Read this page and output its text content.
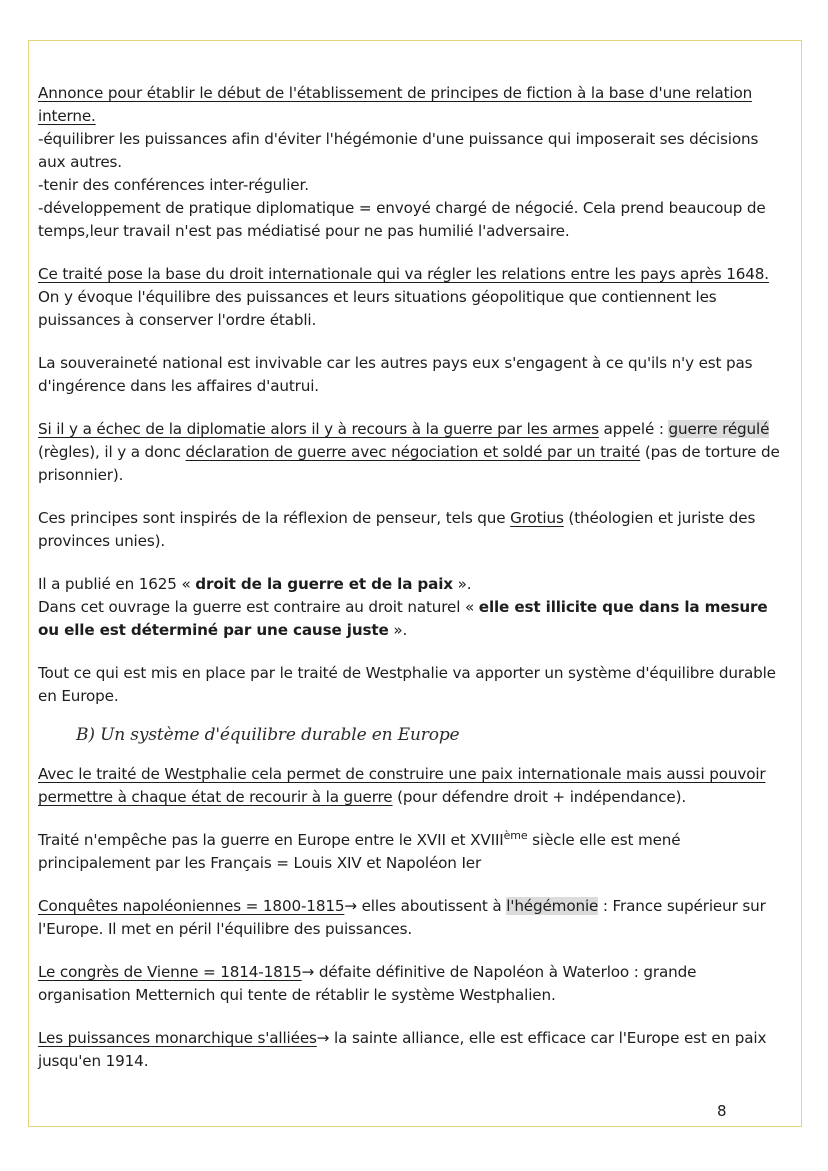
Annonce pour établir le début de l'établissement de principes de fiction à la base d'une relation interne.

-équilibrer les puissances afin d'éviter l'hégémonie d'une puissance qui imposerait ses décisions aux autres.

-tenir des conférences inter-régulier.

-développement de pratique diplomatique = envoyé chargé de négocié. Cela prend beaucoup de temps,leur travail n'est pas médiatisé pour ne pas humilié l'adversaire.

Ce traité pose la base du droit internationale qui va régler les relations entre les pays après 1648.
On y évoque l'équilibre des puissances et leurs situations géopolitique que contiennent les puissances à conserver l'ordre établi.

La souveraineté national est invivable car les autres pays eux s'engagent à ce qu'ils n'y est pas d'ingérence dans les affaires d'autrui.

Si il y a échec de la diplomatie alors il y à recours à la guerre par les armes appelé : guerre régulé (règles), il y a donc déclaration de guerre avec négociation et soldé par un traité (pas de torture de prisonnier).

Ces principes sont inspirés de la réflexion de penseur, tels que Grotius (théologien et juriste des provinces unies).

Il a publié en 1625 « droit de la guerre et de la paix ».
Dans cet ouvrage la guerre est contraire au droit naturel « elle est illicite que dans la mesure ou elle est déterminé par une cause juste ».

Tout ce qui est mis en place par le traité de Westphalie va apporter un système d'équilibre durable en Europe.

B) Un système d'équilibre durable en Europe

Avec le traité de Westphalie cela permet de construire une paix internationale mais aussi pouvoir permettre à chaque état de recourir à la guerre (pour défendre droit + indépendance).

Traité n'empêche pas la guerre en Europe entre le XVII et XVIIIème siècle elle est mené principalement par les Français = Louis XIV et Napoléon Ier

Conquêtes napoléoniennes = 1800-1815→ elles aboutissent à l'hégémonie : France supérieur sur l'Europe. Il met en péril l'équilibre des puissances.

Le congrès de Vienne = 1814-1815→ défaite définitive de Napoléon à Waterloo : grande organisation Metternich qui tente de rétablir le système Westphalien.

Les puissances monarchique s'alliées→ la sainte alliance, elle est efficace car l'Europe est en paix jusqu'en 1914.

8
